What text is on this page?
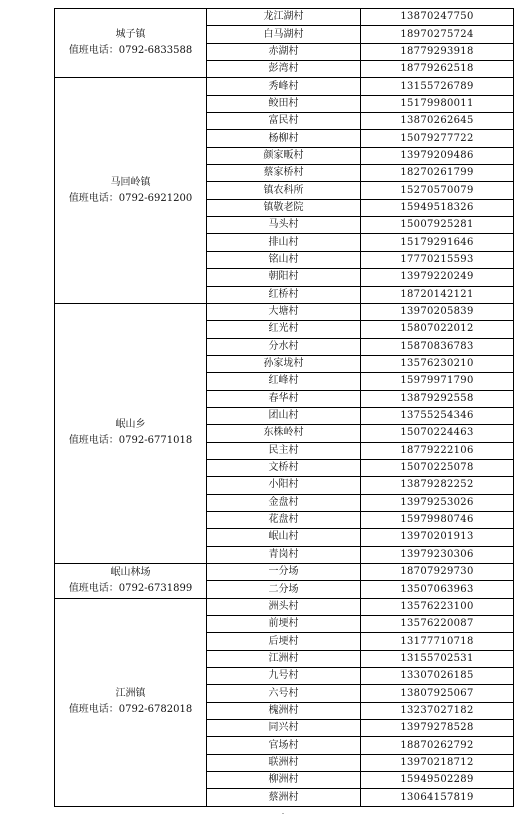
城子镇
值班电话：0792-6833588	龙江湖村	13870247750
	白马湖村	18970275724
	赤湖村	18779293918
	彭湾村	18779262518

马回岭镇
值班电话：0792-6921200	秀峰村	13155726789
	鲛田村	15179980011
	富民村	13870262645
	杨柳村	15079277722
	颜家畈村	13979209486
	蔡家桥村	18270261799
	镇农科所	15270570079
	镇敬老院	15949518326
	马头村	15007925281
	排山村	15179291646
	铭山村	17770215593
	朝阳村	13979220249
	红桥村	18720142121

岷山乡
值班电话：0792-6771018	大塘村	13970205839
	红光村	15807022012
	分水村	15870836783
	孙家垅村	13576230210
	红峰村	15979971790
	春华村	13879292558
	团山村	13755254346
	东株岭村	15070224463
	民主村	18779222106
	文桥村	15070225078
	小阳村	13879282252
	金盘村	13979253026
	花盘村	15979980746
	岷山村	13970201913
	青岗村	13979230306

岷山林场
值班电话：0792-6731899	一分场	18707929730
	二分场	13507063963

江洲镇
值班电话：0792-6782018	洲头村	13576223100
	前埂村	13576220087
	后埂村	13177710718
	江洲村	13155702531
	九号村	13307026185
	六号村	13807925067
	槐洲村	13237027182
	同兴村	13979278528
	官场村	18870262792
	联洲村	13970218712
	柳洲村	15949502289
	蔡洲村	13064157819
-
